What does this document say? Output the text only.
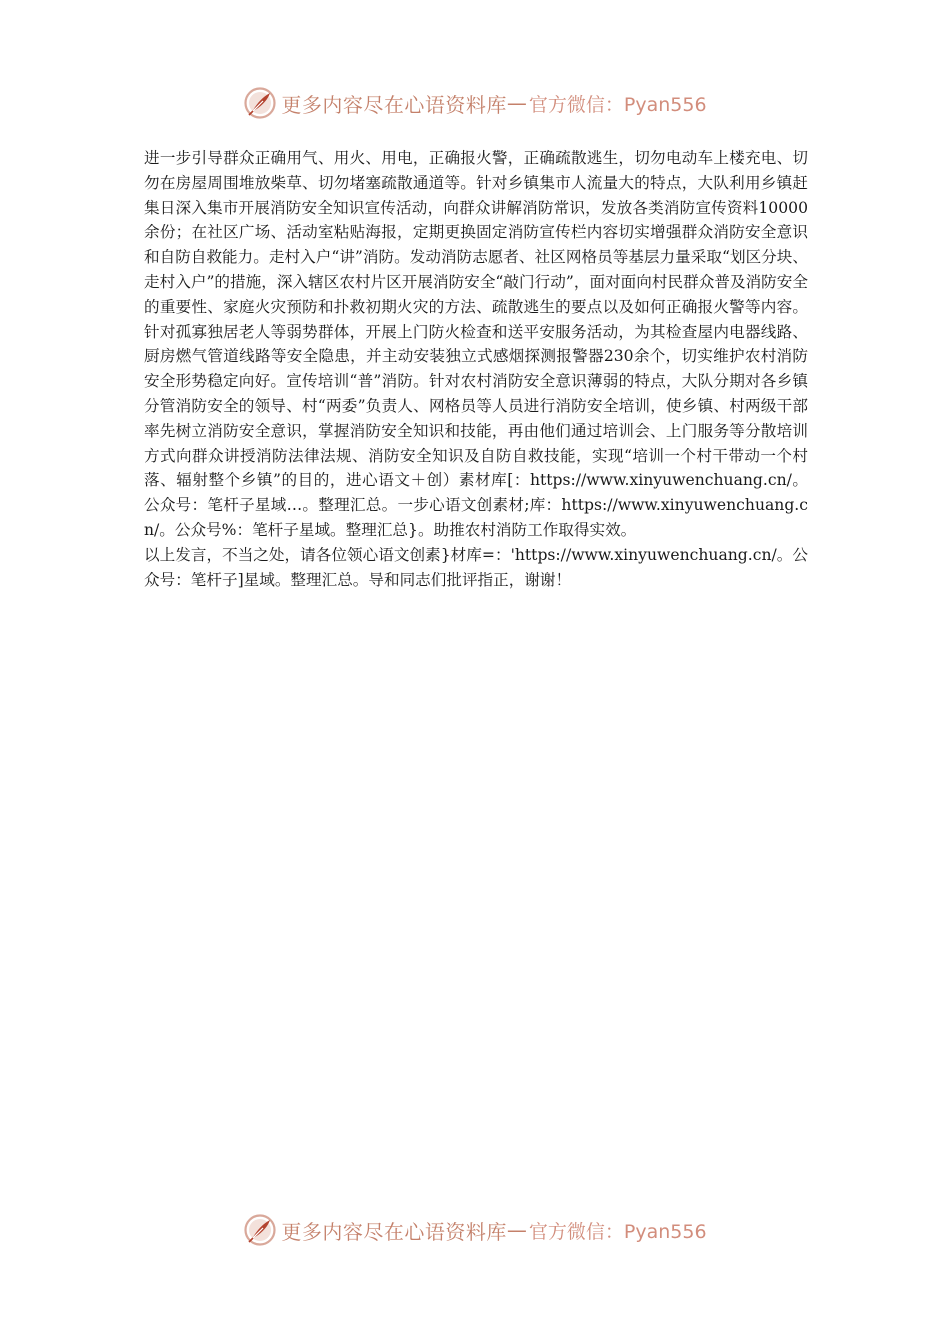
更多内容尽在心语资料库 — 官方微信：Pyan556

进一步引导群众正确用气、用火、用电，正确报火警，正确疏散逃生，切勿电动车上楼充电、切勿在房屋周围堆放柴草、切勿堵塞疏散通道等。针对乡镇集市人流量大的特点，大队利用乡镇赶集日深入集市开展消防安全知识宣传活动，向群众讲解消防常识，发放各类消防宣传资料10000余份；在社区广场、活动室粘贴海报，定期更换固定消防宣传栏内容切实增强群众消防安全意识和自防自救能力。走村入户“讲”消防。发动消防志愿者、社区网格员等基层力量采取“划区分块、走村入户”的措施，深入辖区农村片区开展消防安全“敲门行动”，面对面向村民群众普及消防安全的重要性、家庭火灾预防和扑救初期火灾的方法、疏散逃生的要点以及如何正确报火警等内容。针对孤寡独居老人等弱势群体，开展上门防火检查和送平安服务活动，为其检查屋内电器线路、厨房燃气管道线路等安全隐患，并主动安装独立式感烟探测报警器230余个，切实维护农村消防安全形势稳定向好。宣传培训“普”消防。针对农村消防安全意识薄弱的特点，大队分期对各乡镇分管消防安全的领导、村“两委”负责人、网格员等人员进行消防安全培训，使乡镇、村两级干部率先树立消防安全意识，掌握消防安全知识和技能，再由他们通过培训会、上门服务等分散培训方式向群众讲授消防法律法规、消防安全知识及自防自救技能，实现“培训一个村干带动一个村落、辐射整个乡镇”的目的，进心语文＋创）素材库[：https://www.xinyuwenchuang.cn/。公众号：笔杆子星域…。整理汇总。一步心语文创素材;库：https://www.xinyuwenchuang.cn/。公众号%：笔杆子星域。整理汇总}。助推农村消防工作取得实效。

以上发言，不当之处，请各位领心语文创素}材库=：'https://www.xinyuwenchuang.cn/。公众号：笔杆子]星域。整理汇总。导和同志们批评指正，谢谢！

更多内容尽在心语资料库 — 官方微信：Pyan556
